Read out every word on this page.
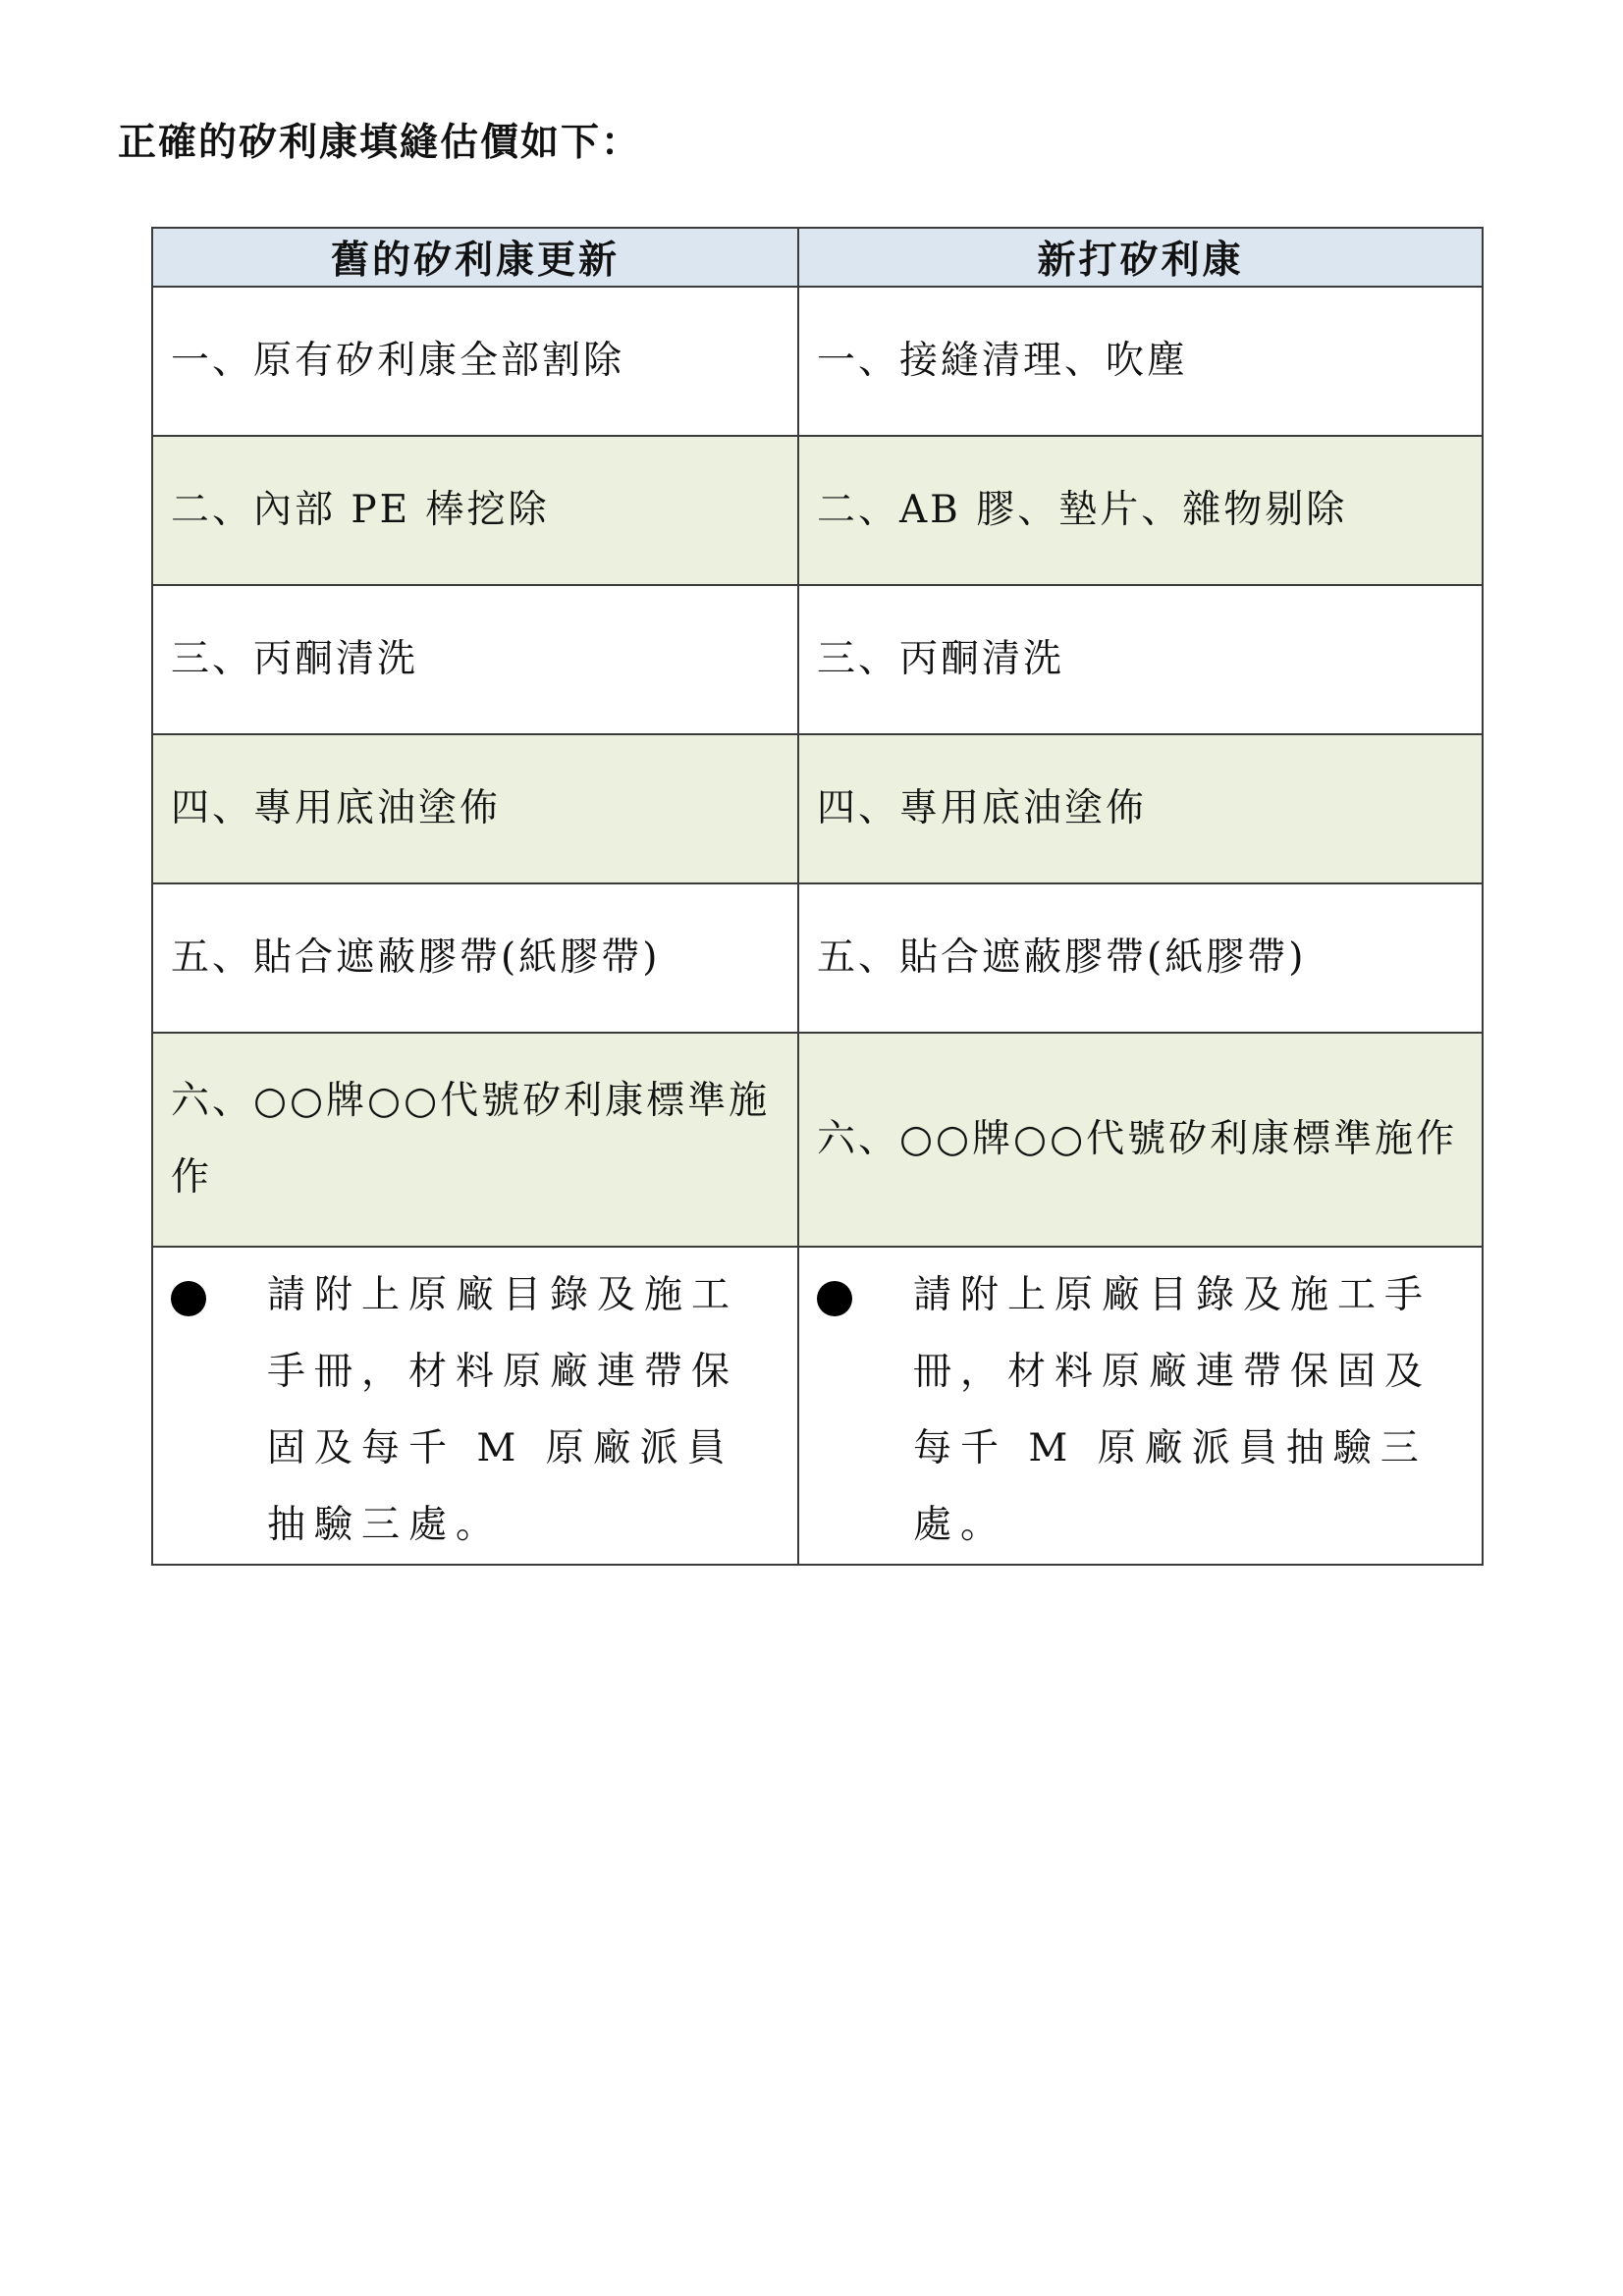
正確的矽利康填縫估價如下：
舊的矽利康更新	新打矽利康
一、原有矽利康全部割除	一、接縫清理、吹塵
二、內部 PE 棒挖除	二、AB 膠、墊片、雜物剔除
三、丙酮清洗	三、丙酮清洗
四、專用底油塗佈	四、專用底油塗佈
五、貼合遮蔽膠帶(紙膠帶)	五、貼合遮蔽膠帶(紙膠帶)
六、○○牌○○代號矽利康標準施作	六、○○牌○○代號矽利康標準施作

請附上原廠目錄及施工手冊，材料原廠連帶保固及每千 M 原廠派員抽驗三處。	請附上原廠目錄及施工手冊，材料原廠連帶保固及每千 M 原廠派員抽驗三處。
